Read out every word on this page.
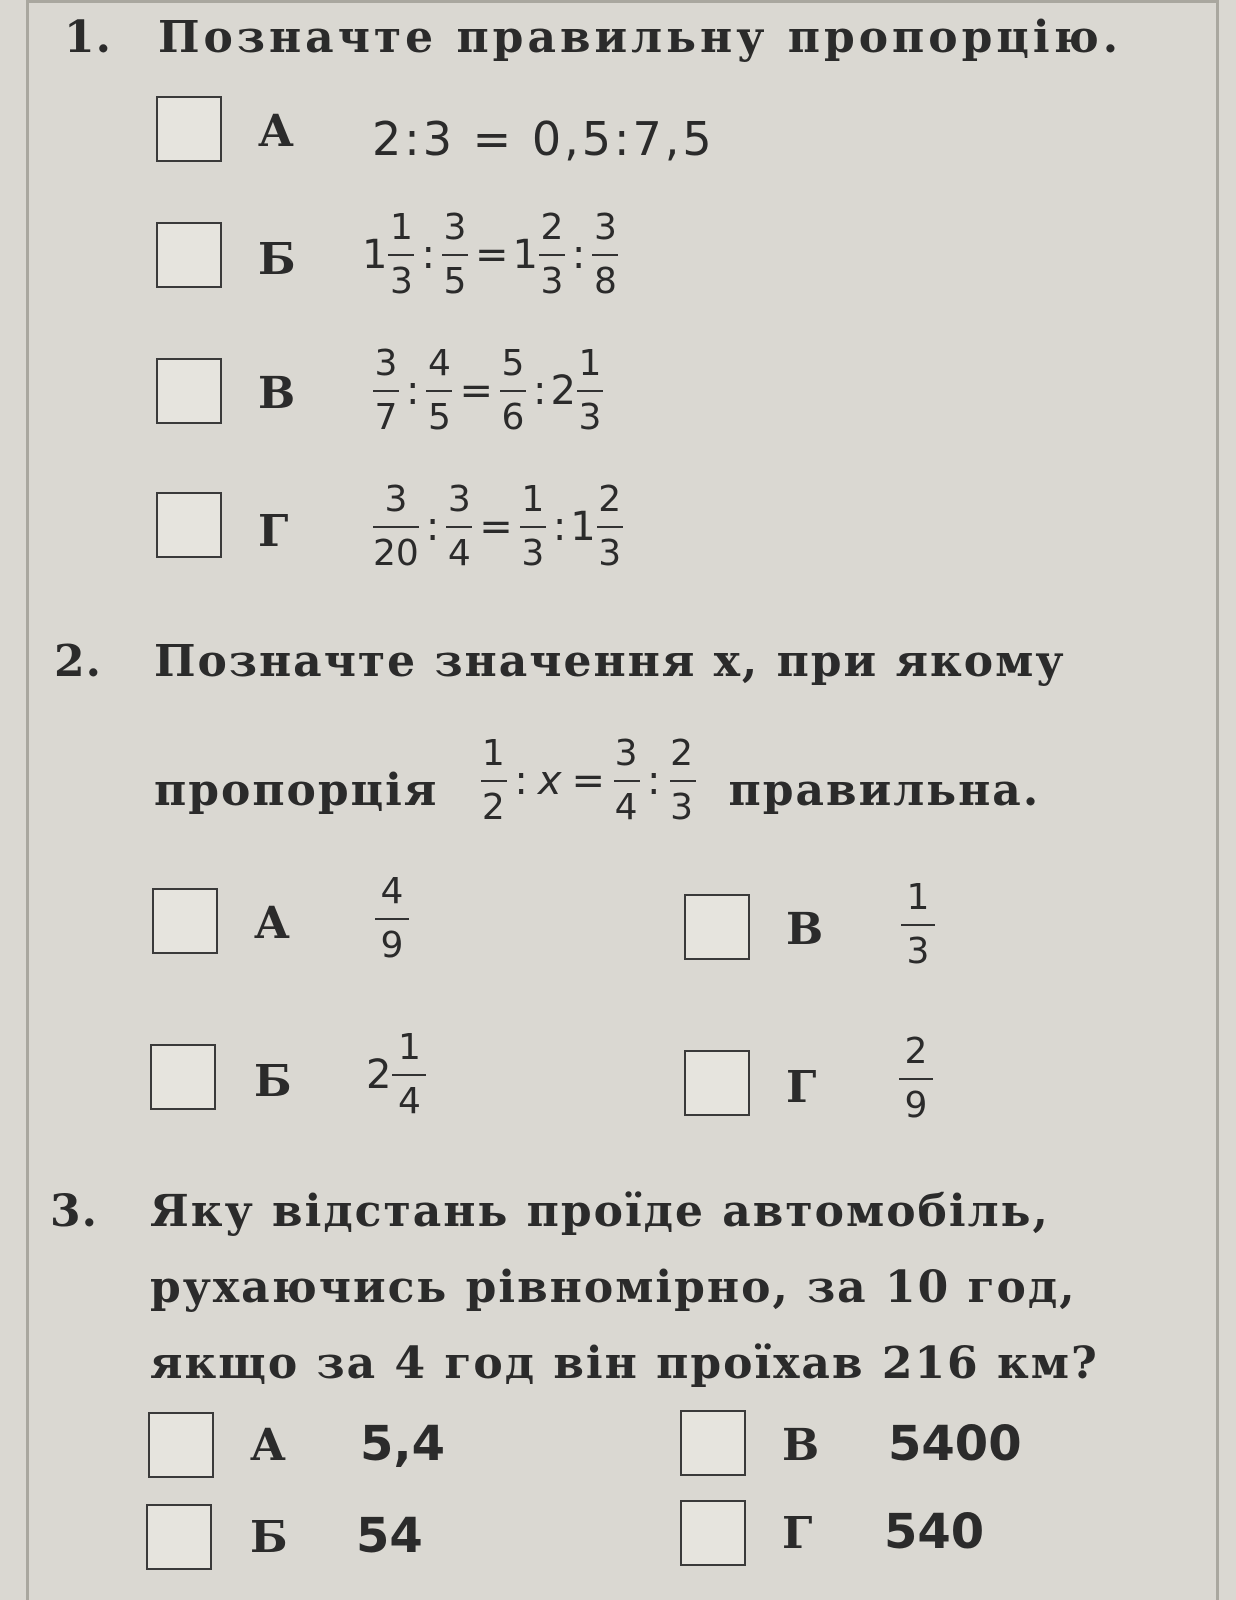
1. Позначте правильну пропорцію.
А 2:3 = 0,5:7,5
Б $1 \frac{1}{3}$ : $\frac{3}{5} = 1 \frac{2}{3}$ : $\frac{3}{8}$
В $\frac{3}{7}$ : $\frac{4}{5} = \frac{5}{6}$ : $2 \frac{1}{3}$
Г $\frac{3}{20}$ : $\frac{3}{4} = \frac{1}{3}$ : $1 \frac{2}{3}$
2. Позначте значення x, при якому
пропорція $\frac{1}{2}$ : $x = \frac{3}{4}$ : $\frac{2}{3}$ правильна.
А $\frac{4}{9}$	В $\frac{1}{3}$
Б $2 \frac{1}{4}$	Г $\frac{2}{9}$
3. Яку відстань проїде автомобіль,
рухаючись рівномірно, за 10 год,
якщо за 4 год він проїхав 216 км?
А 5,4	В 5400
Б 54	Г 540
